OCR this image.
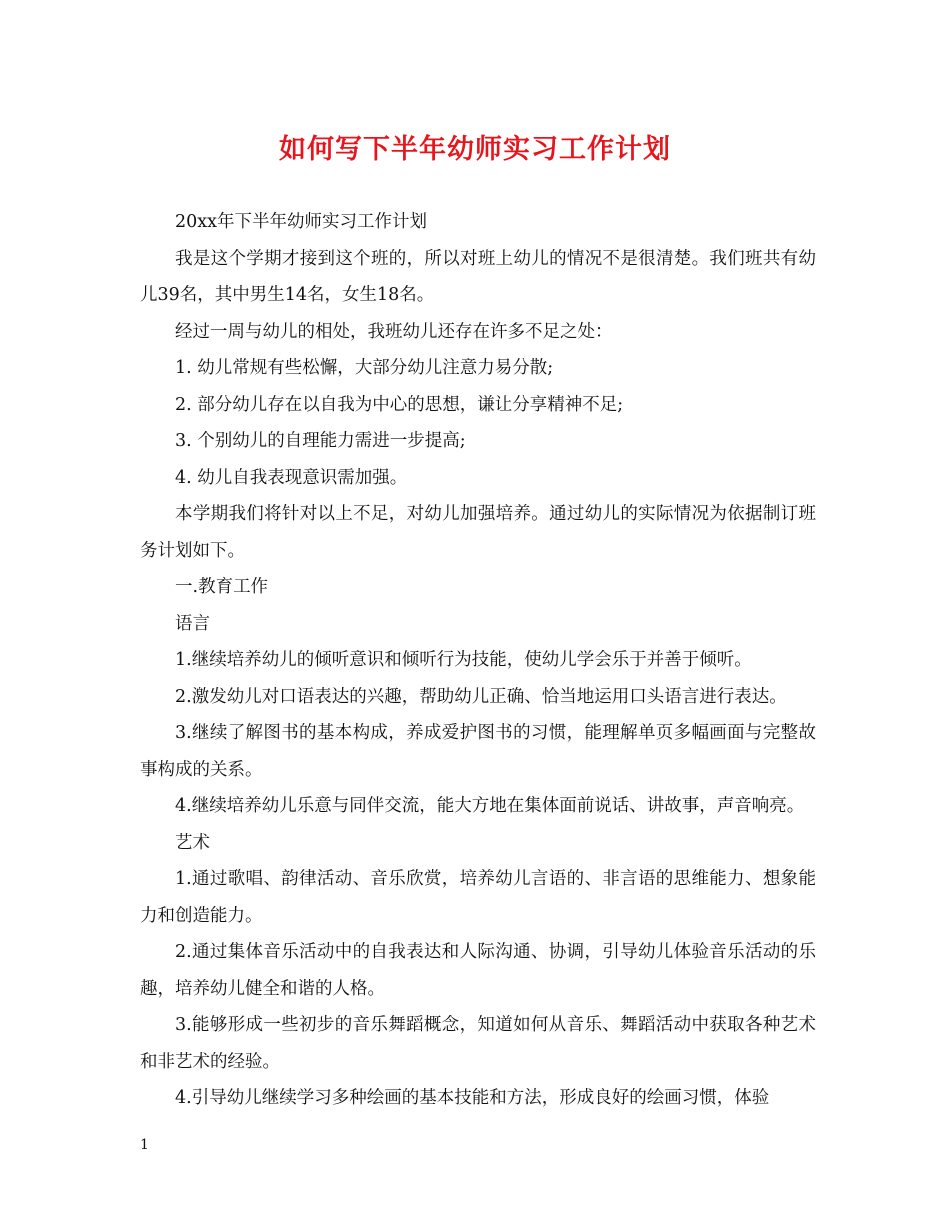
如何写下半年幼师实习工作计划

20xx年下半年幼师实习工作计划

我是这个学期才接到这个班的，所以对班上幼儿的情况不是很清楚。我们班共有幼儿39名，其中男生14名，女生18名。

经过一周与幼儿的相处，我班幼儿还存在许多不足之处：

1. 幼儿常规有些松懈，大部分幼儿注意力易分散;

2. 部分幼儿存在以自我为中心的思想，谦让分享精神不足;

3. 个别幼儿的自理能力需进一步提高;

4. 幼儿自我表现意识需加强。

本学期我们将针对以上不足，对幼儿加强培养。通过幼儿的实际情况为依据制订班务计划如下。

一.教育工作

语言

1.继续培养幼儿的倾听意识和倾听行为技能，使幼儿学会乐于并善于倾听。

2.激发幼儿对口语表达的兴趣，帮助幼儿正确、恰当地运用口头语言进行表达。

3.继续了解图书的基本构成，养成爱护图书的习惯，能理解单页多幅画面与完整故事构成的关系。

4.继续培养幼儿乐意与同伴交流，能大方地在集体面前说话、讲故事，声音响亮。

艺术

1.通过歌唱、韵律活动、音乐欣赏，培养幼儿言语的、非言语的思维能力、想象能力和创造能力。

2.通过集体音乐活动中的自我表达和人际沟通、协调，引导幼儿体验音乐活动的乐趣，培养幼儿健全和谐的人格。

3.能够形成一些初步的音乐舞蹈概念，知道如何从音乐、舞蹈活动中获取各种艺术和非艺术的经验。

4.引导幼儿继续学习多种绘画的基本技能和方法，形成良好的绘画习惯，体验

1
